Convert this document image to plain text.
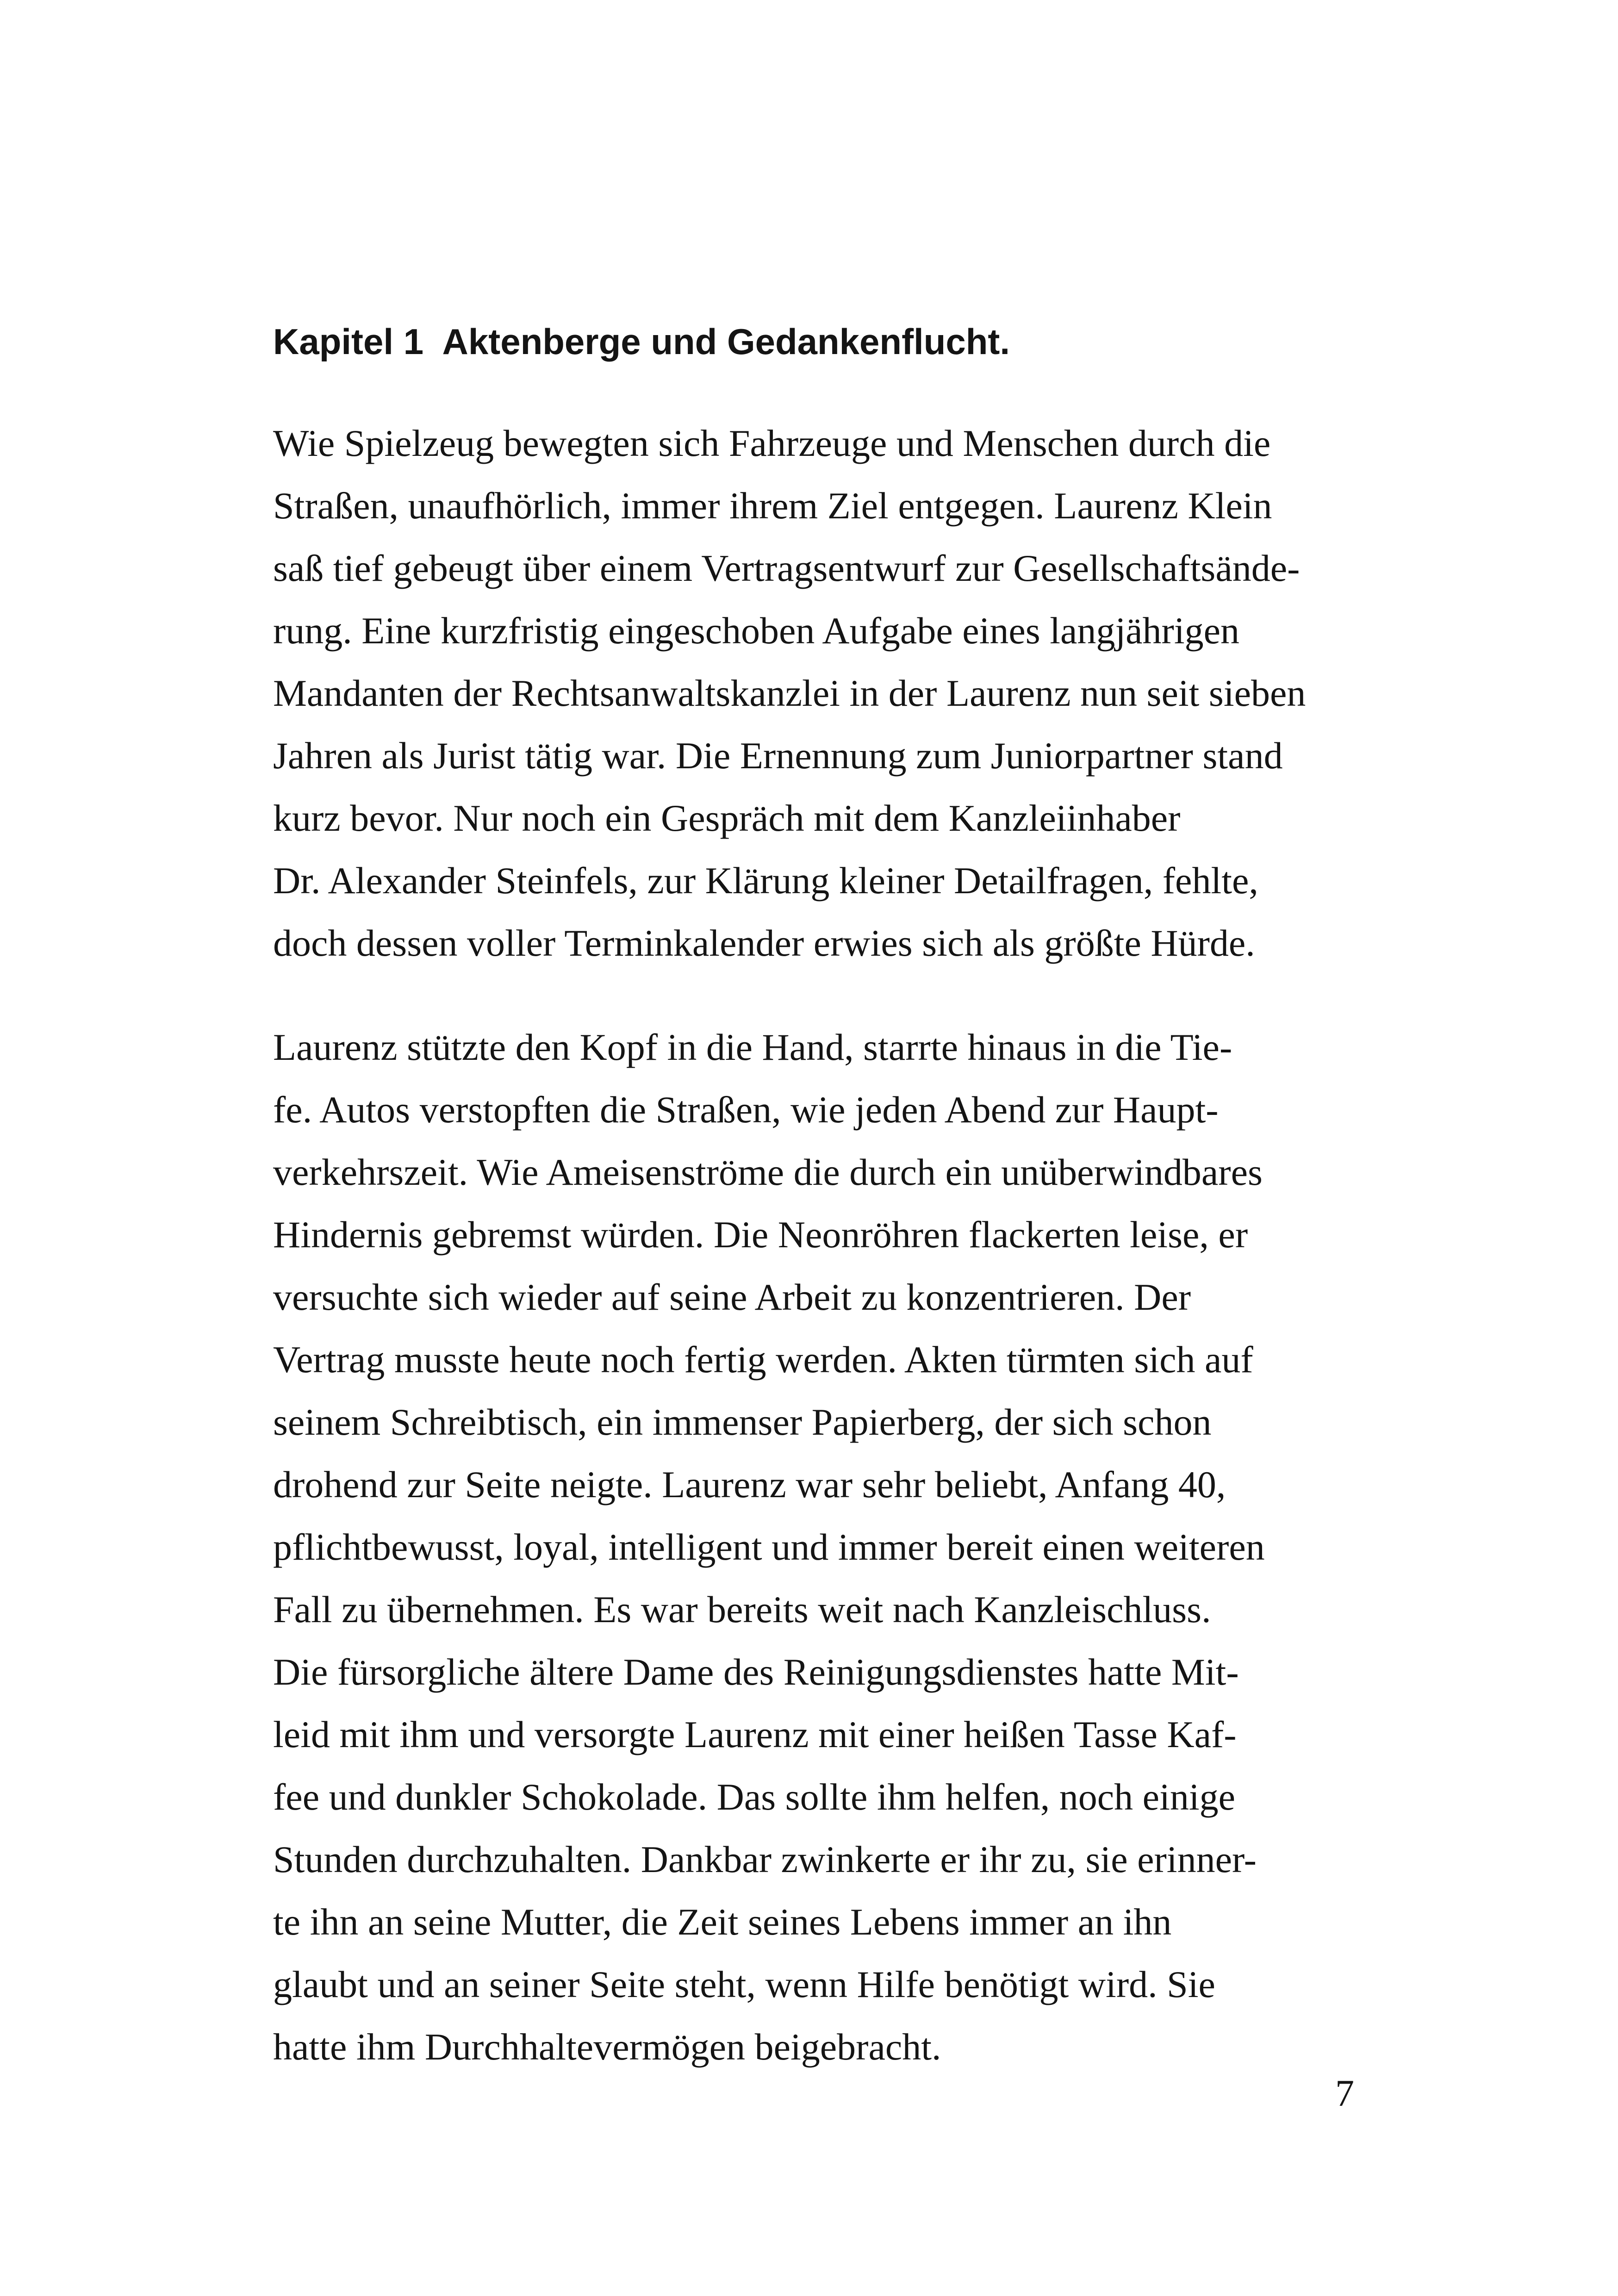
Kapitel 1  Aktenberge und Gedankenflucht.
Wie Spielzeug bewegten sich Fahrzeuge und Menschen durch die
Straßen, unaufhörlich, immer ihrem Ziel entgegen. Laurenz Klein
saß tief gebeugt über einem Vertragsentwurf zur Gesellschaftsände-
rung. Eine kurzfristig eingeschoben Aufgabe eines langjährigen
Mandanten der Rechtsanwaltskanzlei in der Laurenz nun seit sieben
Jahren als Jurist tätig war. Die Ernennung zum Juniorpartner stand
kurz bevor. Nur noch ein Gespräch mit dem Kanzleiinhaber
Dr. Alexander Steinfels, zur Klärung kleiner Detailfragen, fehlte,
doch dessen voller Terminkalender erwies sich als größte Hürde.
Laurenz stützte den Kopf in die Hand, starrte hinaus in die Tie-
fe. Autos verstopften die Straßen, wie jeden Abend zur Haupt-
verkehrszeit. Wie Ameisenströme die durch ein unüberwindbares
Hindernis gebremst würden. Die Neonröhren flackerten leise, er
versuchte sich wieder auf seine Arbeit zu konzentrieren. Der
Vertrag musste heute noch fertig werden. Akten türmten sich auf
seinem Schreibtisch, ein immenser Papierberg, der sich schon
drohend zur Seite neigte. Laurenz war sehr beliebt, Anfang 40,
pflichtbewusst, loyal, intelligent und immer bereit einen weiteren
Fall zu übernehmen. Es war bereits weit nach Kanzleischluss.
Die fürsorgliche ältere Dame des Reinigungsdienstes hatte Mit-
leid mit ihm und versorgte Laurenz mit einer heißen Tasse Kaf-
fee und dunkler Schokolade. Das sollte ihm helfen, noch einige
Stunden durchzuhalten. Dankbar zwinkerte er ihr zu, sie erinner-
te ihn an seine Mutter, die Zeit seines Lebens immer an ihn
glaubt und an seiner Seite steht, wenn Hilfe benötigt wird. Sie
hatte ihm Durchhaltevermögen beigebracht.

7
